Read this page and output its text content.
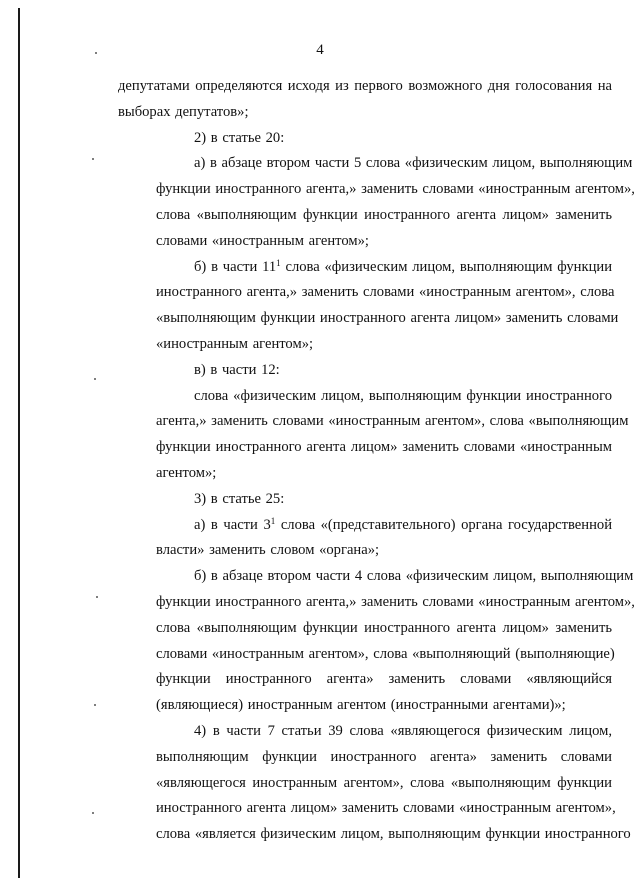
4
депутатами определяются исходя из первого возможного дня голосования на
выборах депутатов»;
2) в статье 20:
а) в абзаце втором части 5 слова «физическим лицом, выполняющим
функции иностранного агента,» заменить словами «иностранным агентом»,
слова «выполняющим функции иностранного агента лицом» заменить
словами «иностранным агентом»;
б) в части $11^1$ слова «физическим лицом, выполняющим функции
иностранного агента,» заменить словами «иностранным агентом», слова
«выполняющим функции иностранного агента лицом» заменить словами
«иностранным агентом»;
в) в части 12:
слова «физическим лицом, выполняющим функции иностранного
агента,» заменить словами «иностранным агентом», слова «выполняющим
функции иностранного агента лицом» заменить словами «иностранным
агентом»;
3) в статье 25:
а) в части $3^1$ слова «(представительного) органа государственной
власти» заменить словом «органа»;
б) в абзаце втором части 4 слова «физическим лицом, выполняющим
функции иностранного агента,» заменить словами «иностранным агентом»,
слова «выполняющим функции иностранного агента лицом» заменить
словами «иностранным агентом», слова «выполняющий (выполняющие)
функции иностранного агента» заменить словами «являющийся
(являющиеся) иностранным агентом (иностранными агентами)»;
4) в части 7 статьи 39 слова «являющегося физическим лицом,
выполняющим функции иностранного агента» заменить словами
«являющегося иностранным агентом», слова «выполняющим функции
иностранного агента лицом» заменить словами «иностранным агентом»,
слова «является физическим лицом, выполняющим функции иностранного
